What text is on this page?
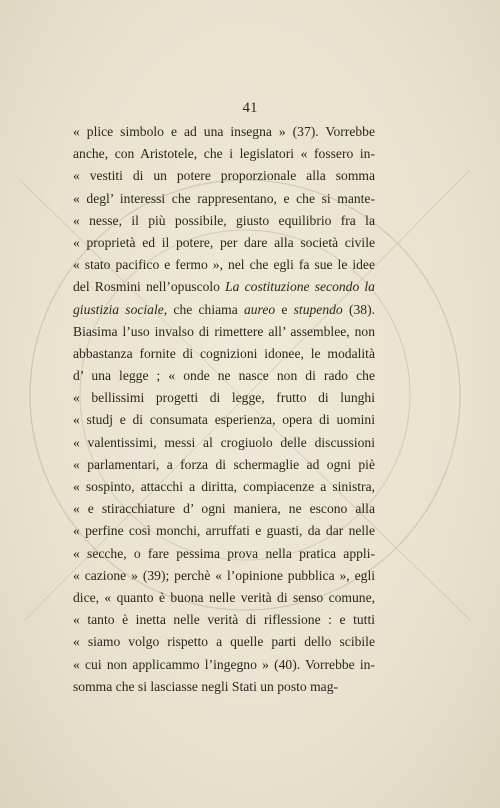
41
« plice simbolo e ad una insegna » (37). Vorrebbe
anche, con Aristotele, che i legislatori « fossero in-
« vestiti di un potere proporzionale alla somma
« degl’ interessi che rappresentano, e che si mante-
« nesse, il più possibile, giusto equilibrio fra la
« proprietà ed il potere, per dare alla società civile
« stato pacifico e fermo », nel che egli fa sue le idee
del Rosmini nell’opuscolo La costituzione secondo la
giustizia sociale, che chiama aureo e stupendo (38).
Biasima l’uso invalso di rimettere all’ assemblee, non
abbastanza fornite di cognizioni idonee, le modalità
d’ una legge ; « onde ne nasce non di rado che
« bellissimi progetti di legge, frutto di lunghi
« studj e di consumata esperienza, opera di uomini
« valentissimi, messi al crogiuolo delle discussioni
« parlamentari, a forza di schermaglie ad ogni piè
« sospinto, attacchi a diritta, compiacenze a sinistra,
« e stiracchiature d’ ogni maniera, ne escono alla
« perfine così monchi, arruffati e guasti, da dar nelle
« secche, o fare pessima prova nella pratica appli-
« cazione » (39); perchè « l’opinione pubblica », egli
dice, « quanto è buona nelle verità di senso comune,
« tanto è inetta nelle verità di riflessione : e tutti
« siamo volgo rispetto a quelle parti dello scibile
« cui non applicammo l’ingegno » (40). Vorrebbe in-
somma che si lasciasse negli Stati un posto mag-
